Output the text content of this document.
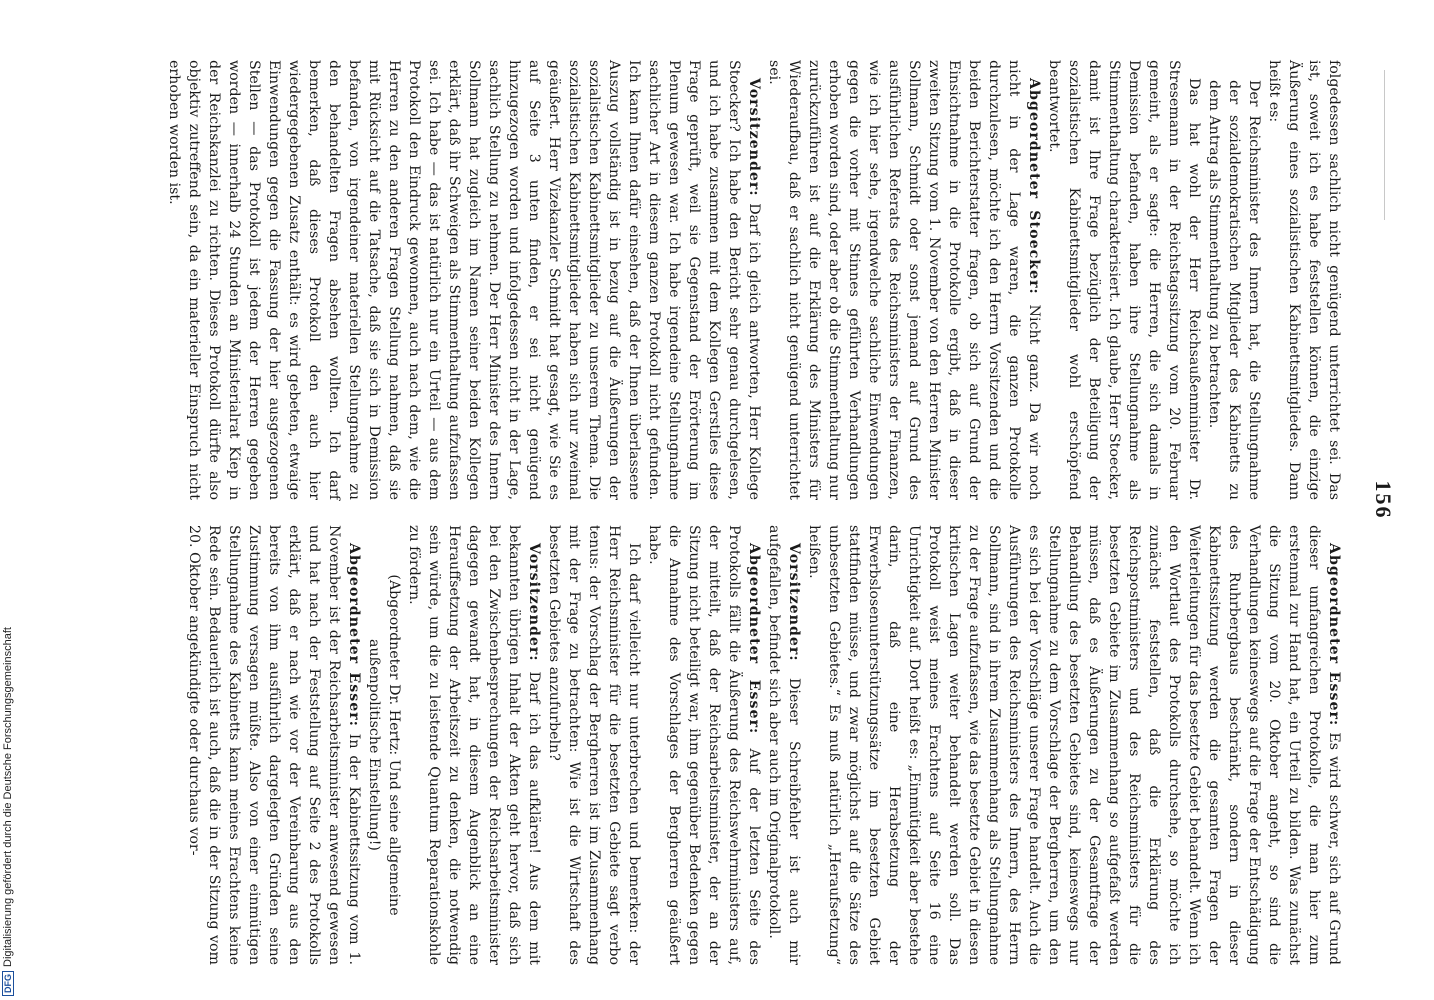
156

folgedessen sachlich nicht genügend unterrichtet sei. Das ist, soweit ich es habe feststellen können, die einzige Äußerung eines sozialistischen Kabinettsmitgliedes. Dann heißt es:

Der Reichsminister des Innern hat, die Stellungnahme der sozialdemokratischen Mitglieder des Kabinetts zu dem Antrag als Stimmenthaltung zu betrachten.

Das hat wohl der Herr Reichsaußenminister Dr. Stresemann in der Reichstagssitzung vom 20. Februar gemeint, als er sagte: die Herren, die sich damals in Demission befanden, haben ihre Stellungnahme als Stimmenthaltung charakterisiert. Ich glaube, Herr Stoecker, damit ist Ihre Frage bezüglich der Beteiligung der sozialistischen Kabinettsmitglieder wohl erschöpfend beantwortet.

Abgeordneter Stoecker: Nicht ganz. Da wir noch nicht in der Lage waren, die ganzen Protokolle durchzulesen, möchte ich den Herrn Vorsitzenden und die beiden Berichterstatter fragen, ob sich auf Grund der Einsichtnahme in die Protokolle ergibt, daß in dieser zweiten Sitzung vom 1. November von den Herren Minister Sollmann, Schmidt oder sonst jemand auf Grund des ausführlichen Referats des Reichsministers der Finanzen, wie ich hier sehe, irgendwelche sachliche Einwendungen gegen die vorher mit Stinnes geführten Verhandlungen erhoben worden sind, oder aber ob die Stimmenthaltung nur zurückzuführen ist auf die Erklärung des Ministers für Wiederaufbau, daß er sachlich nicht genügend unterrichtet sei.

Vorsitzender: Darf ich gleich antworten, Herr Kollege Stoecker? Ich habe den Bericht sehr genau durchgelesen, und ich habe zusammen mit dem Kollegen Gerstiles diese Frage geprüft, weil sie Gegenstand der Erörterung im Plenum gewesen war. Ich habe irgendeine Stellungnahme sachlicher Art in diesem ganzen Protokoll nicht gefunden. Ich kann Ihnen dafür einsehen, daß der Ihnen überlassene Auszug vollständig ist in bezug auf die Äußerungen der sozialistischen Kabinettsmitglieder zu unserem Thema. Die sozialistischen Kabinettsmitglieder haben sich nur zweimal geäußert. Herr Vizekanzler Schmidt hat gesagt, wie Sie es auf Seite 3 unten finden, er sei nicht genügend hinzugezogen worden und infolgedessen nicht in der Lage, sachlich Stellung zu nehmen. Der Herr Minister des Innern Sollmann hat zugleich im Namen seiner beiden Kollegen erklärt, daß ihr Schweigen als Stimmenthaltung aufzufassen sei. Ich habe — das ist natürlich nur ein Urteil — aus dem Protokoll den Eindruck gewonnen, auch nach dem, wie die Herren zu den anderen Fragen Stellung nahmen, daß sie mit Rücksicht auf die Tatsache, daß sie sich in Demission befanden, von irgendeiner materiellen Stellungnahme zu den behandelten Fragen absehen wollten. Ich darf bemerken, daß dieses Protokoll den auch hier wiedergegebenen Zusatz enthält: es wird gebeten, etwaige Einwendungen gegen die Fassung der hier ausgezogenen Stellen — das Protokoll ist jedem der Herren gegeben worden — innerhalb 24 Stunden an Ministerialrat Kiep in der Reichskanzlei zu richten. Dieses Protokoll dürfte also objektiv zutreffend sein, da ein materieller Einspruch nicht erhoben worden ist.

Abgeordneter Esser: Es wird schwer, sich auf Grund dieser umfangreichen Protokolle, die man hier zum erstenmal zur Hand hat, ein Urteil zu bilden. Was zunächst die Sitzung vom 20. Oktober angeht, so sind die Verhandlungen keineswegs auf die Frage der Entschädigung des Ruhrbergbaus beschränkt, sondern in dieser Kabinettssitzung werden die gesamten Fragen der Weiterleitungen für das besetzte Gebiet behandelt. Wenn ich den Wortlaut des Protokolls durchsehe, so möchte ich zunächst feststellen, daß die Erklärung des Reichspostministers und des Reichsministers für die besetzten Gebiete im Zusammenhang so aufgefaßt werden müssen, daß es Äußerungen zu der Gesamtfrage der Behandlung des besetzten Gebietes sind, keineswegs nur Stellungnahme zu dem Vorschlage der Bergherren, um den es sich bei der Vorschläge unserer Frage handelt. Auch die Ausführungen des Reichsministers des Innern, des Herrn Sollmann, sind in ihrem Zusammenhang als Stellungnahme zu der Frage aufzufassen, wie das besetzte Gebiet in diesen kritischen Lagen weiter behandelt werden soll. Das Protokoll weist meines Erachtens auf Seite 16 eine Unrichtigkeit auf. Dort heißt es: „Einmütigkeit aber bestehe darin, daß eine Herabsetzung der Erwerbslosenunterstützungssätze im besetzten Gebiet stattfinden müsse, und zwar möglichst auf die Sätze des unbesetzten Gebietes.“ Es muß natürlich „Heraufsetzung“ heißen.

Vorsitzender: Dieser Schreibfehler ist auch mir aufgefallen, befindet sich aber auch im Originalprotokoll.

Abgeordneter Esser: Auf der letzten Seite des Protokolls fällt die Äußerung des Reichswehrministers auf, der mitteilt, daß der Reichsarbeitsminister, der an der Sitzung nicht beteiligt war, ihm gegenüber Bedenken gegen die Annahme des Vorschlages der Bergherren geäußert habe.

Ich darf vielleicht nur unterbrechen und bemerken: der Herr Reichsminister für die besetzten Gebiete sagt verbo tenus: der Vorschlag der Bergherren ist im Zusammenhang mit der Frage zu betrachten: Wie ist die Wirtschaft des besetzten Gebietes anzufurbeln?

Vorsitzender: Darf ich das aufklären! Aus dem mit bekannten übrigen Inhalt der Akten geht hervor, daß sich bei den Zwischenbesprechungen der Reichsarbeitsminister dagegen gewandt hat, in diesem Augenblick an eine Herauffsetzung der Arbeitszeit zu denken, die notwendig sein würde, um die zu leistende Quantum Reparationskohle zu fördern.

(Abgeordneter Dr. Hertz: Und seine allgemeine außenpolitische Einstellung!)

Abgeordneter Esser: In der Kabinettssitzung vom 1. November ist der Reichsarbeitsminister anwesend gewesen und hat nach der Feststellung auf Seite 2 des Protokolls erklärt, daß er nach wie vor der Vereinbarung aus den bereits von ihm ausführlich dargelegten Gründen seine Zustimmung versagen müßte. Also von einer einmütigen Stellungnahme des Kabinetts kann meines Erachtens keine Rede sein. Bedauerlich ist auch, daß die in der Sitzung vom 20. Oktober angekündigte oder durchaus vor-

DFGDigitalisierung gefördert durch die Deutsche Forschungsgemeinschaft
